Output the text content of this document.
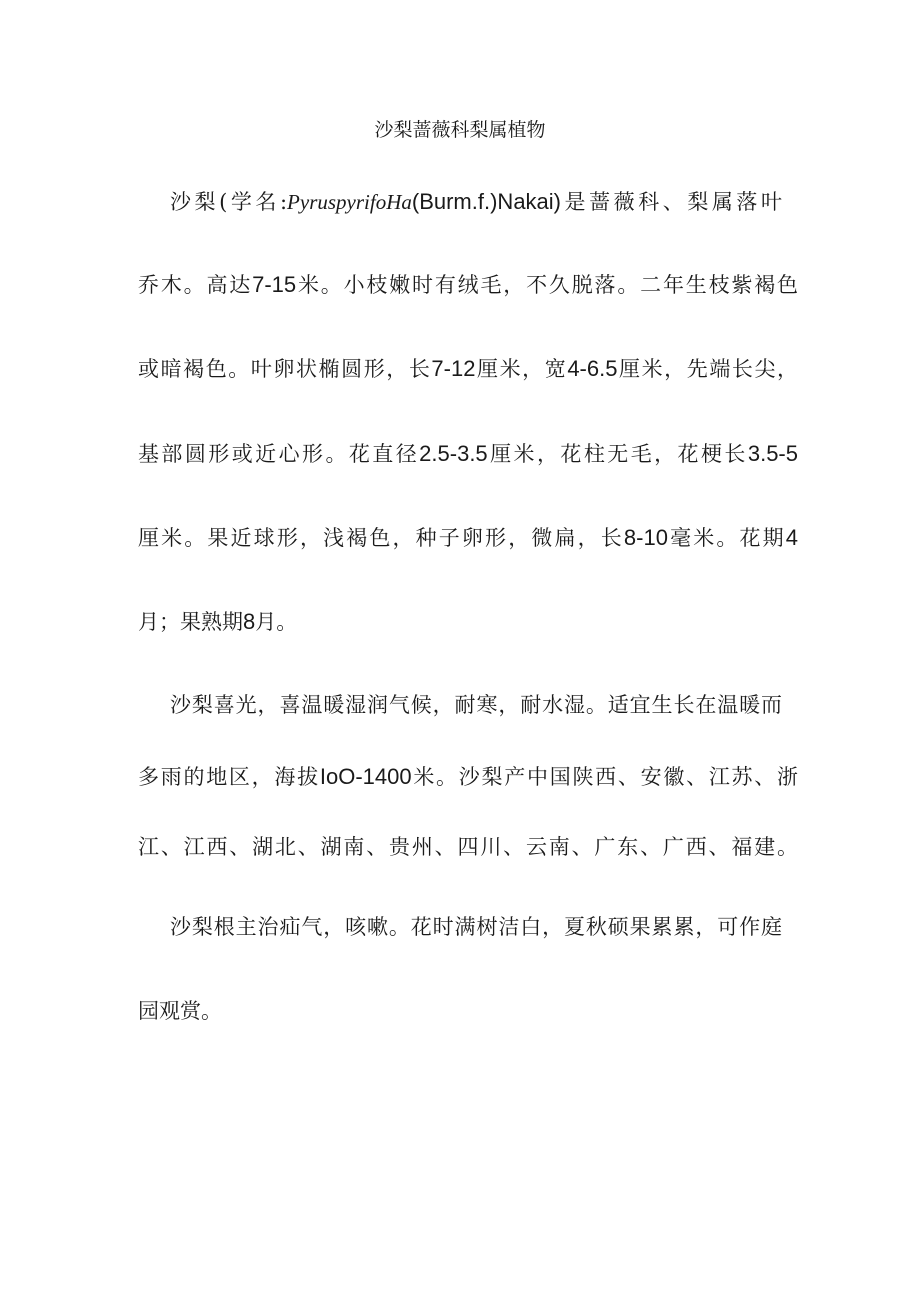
沙梨蔷薇科梨属植物
沙梨(学名:PyruspyrifoHa(Burm.f.)Nakai)是蔷薇科、梨属落叶
乔木。高达7-15米。小枝嫩时有绒毛，不久脱落。二年生枝紫褐色
或暗褐色。叶卵状椭圆形，长7-12厘米，宽4-6.5厘米，先端长尖，
基部圆形或近心形。花直径2.5-3.5厘米，花柱无毛，花梗长3.5-5
厘米。果近球形，浅褐色，种子卵形，微扁，长8-10毫米。花期4
月；果熟期8月。
沙梨喜光，喜温暖湿润气候，耐寒，耐水湿。适宜生长在温暖而
多雨的地区，海拔IoO-1400米。沙梨产中国陕西、安徽、江苏、浙
江、江西、湖北、湖南、贵州、四川、云南、广东、广西、福建。
沙梨根主治疝气，咳嗽。花时满树洁白，夏秋硕果累累，可作庭
园观赏。
